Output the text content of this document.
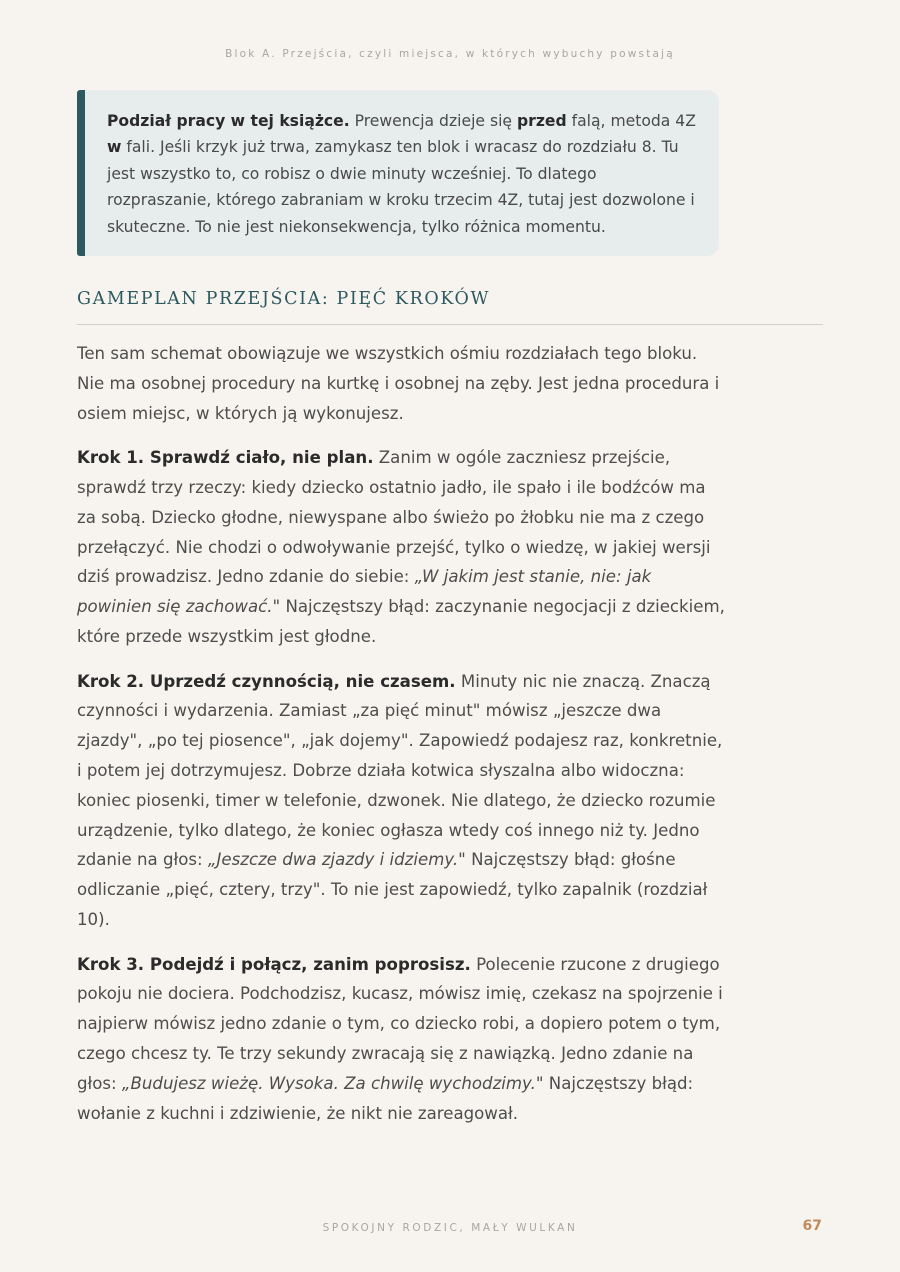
Blok A. Przejścia, czyli miejsca, w których wybuchy powstają
Podział pracy w tej książce. Prewencja dzieje się przed falą, metoda 4Z w fali. Jeśli krzyk już trwa, zamykasz ten blok i wracasz do rozdziału 8. Tu jest wszystko to, co robisz o dwie minuty wcześniej. To dlatego rozpraszanie, którego zabraniam w kroku trzecim 4Z, tutaj jest dozwolone i skuteczne. To nie jest niekonsekwencja, tylko różnica momentu.
GAMEPLAN PRZEJŚCIA: PIĘĆ KROKÓW

Ten sam schemat obowiązuje we wszystkich ośmiu rozdziałach tego bloku. Nie ma osobnej procedury na kurtkę i osobnej na zęby. Jest jedna procedura i osiem miejsc, w których ją wykonujesz.

Krok 1. Sprawdź ciało, nie plan. Zanim w ogóle zaczniesz przejście, sprawdź trzy rzeczy: kiedy dziecko ostatnio jadło, ile spało i ile bodźców ma za sobą. Dziecko głodne, niewyspane albo świeżo po żłobku nie ma z czego przełączyć. Nie chodzi o odwoływanie przejść, tylko o wiedzę, w jakiej wersji dziś prowadzisz. Jedno zdanie do siebie: „W jakim jest stanie, nie: jak powinien się zachować." Najczęstszy błąd: zaczynanie negocjacji z dzieckiem, które przede wszystkim jest głodne.

Krok 2. Uprzedź czynnością, nie czasem. Minuty nic nie znaczą. Znaczą czynności i wydarzenia. Zamiast „za pięć minut" mówisz „jeszcze dwa zjazdy", „po tej piosence", „jak dojemy". Zapowiedź podajesz raz, konkretnie, i potem jej dotrzymujesz. Dobrze działa kotwica słyszalna albo widoczna: koniec piosenki, timer w telefonie, dzwonek. Nie dlatego, że dziecko rozumie urządzenie, tylko dlatego, że koniec ogłasza wtedy coś innego niż ty. Jedno zdanie na głos: „Jeszcze dwa zjazdy i idziemy." Najczęstszy błąd: głośne odliczanie „pięć, cztery, trzy". To nie jest zapowiedź, tylko zapalnik (rozdział 10).

Krok 3. Podejdź i połącz, zanim poprosisz. Polecenie rzucone z drugiego pokoju nie dociera. Podchodzisz, kucasz, mówisz imię, czekasz na spojrzenie i najpierw mówisz jedno zdanie o tym, co dziecko robi, a dopiero potem o tym, czego chcesz ty. Te trzy sekundy zwracają się z nawiązką. Jedno zdanie na głos: „Budujesz wieżę. Wysoka. Za chwilę wychodzimy." Najczęstszy błąd: wołanie z kuchni i zdziwienie, że nikt nie zareagował.

SPOKOJNY RODZIC, MAŁY WULKAN	67
